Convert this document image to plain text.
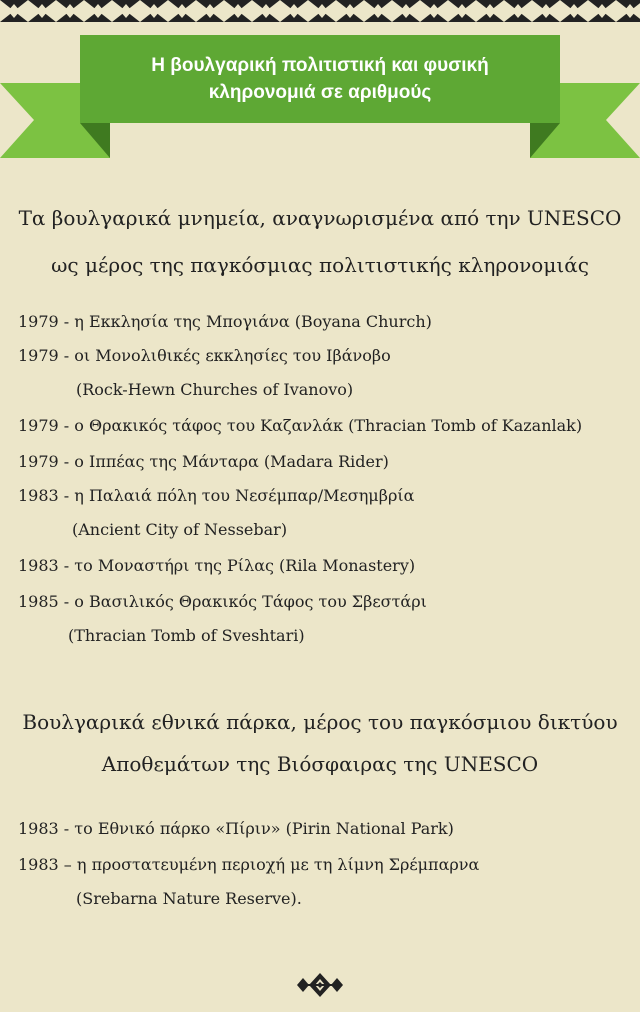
Η βουλγαρική πολιτιστική και φυσική
κληρονομιά σε αριθμούς
Τα βουλγαρικά μνημεία, αναγνωρισμένα από την UNESCO
ως μέρος της παγκόσμιας πολιτιστικής κληρονομιάς
1979 - η Εκκλησία της Μπογιάνα (Boyana Church)
1979 - οι Μονολιθικές εκκλησίες του Ιβάνοβο
(Rock-Hewn Churches of Ivanovo)
1979 - ο Θρακικός τάφος του Καζανλάκ (Thracian Tomb of Kazanlak)
1979 - ο Ιππέας της Μάνταρα (Madara Rider)
1983 - η Παλαιά πόλη του Νεσέμπαρ/Μεσημβρία
(Ancient City of Nessebar)
1983 - το Μοναστήρι της Ρίλας (Rila Monastery)
1985 - ο Βασιλικός Θρακικός Τάφος του Σβεστάρι
(Thracian Tomb of Sveshtari)
Βουλγαρικά εθνικά πάρκα, μέρος του παγκόσμιου δικτύου
Αποθεμάτων της Βιόσφαιρας της UNESCO
1983 - το Εθνικό πάρκο «Πίριν» (Pirin National Park)
1983 – η προστατευμένη περιοχή με τη λίμνη Σρέμπαρνα
(Srebarna Nature Reserve).
